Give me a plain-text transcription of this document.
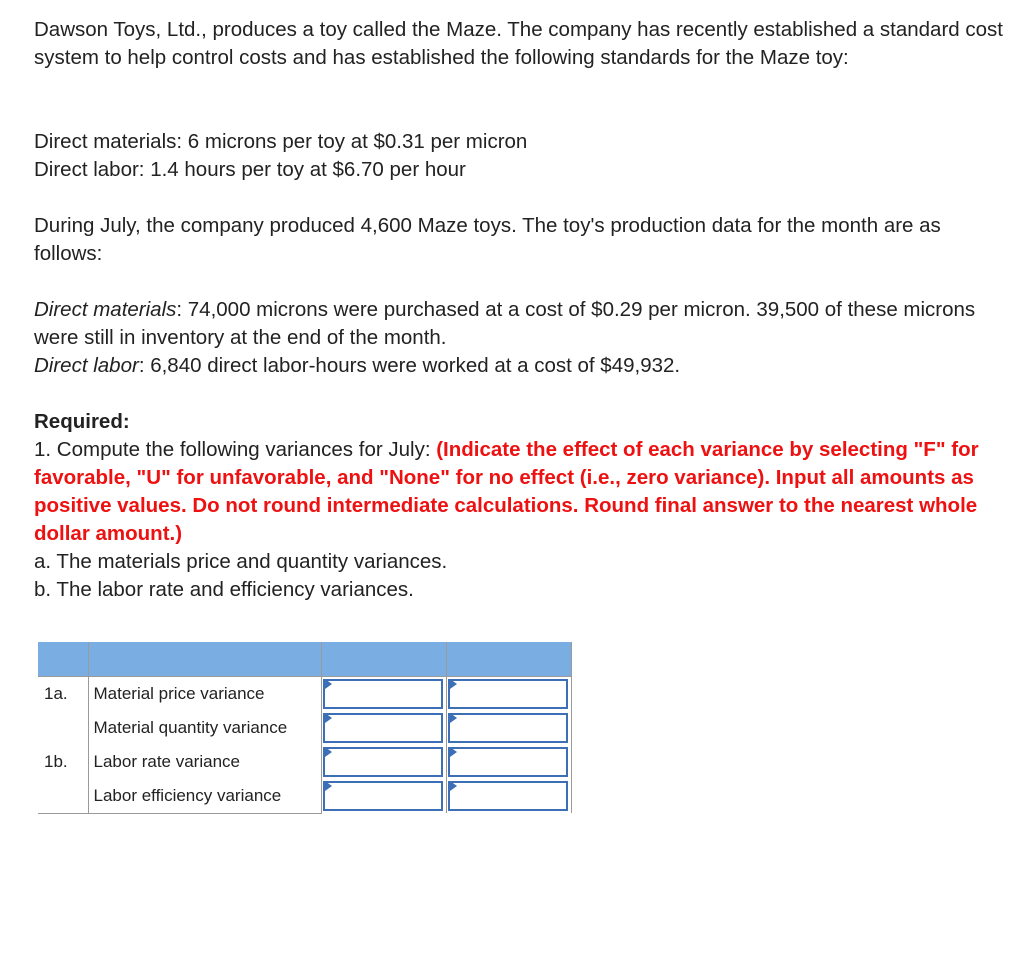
Dawson Toys, Ltd., produces a toy called the Maze. The company has recently established a standard cost system to help control costs and has established the following standards for the Maze toy:

Direct materials: 6 microns per toy at $0.31 per micron

Direct labor: 1.4 hours per toy at $6.70 per hour

During July, the company produced 4,600 Maze toys. The toy's production data for the month are as follows:

Direct materials: 74,000 microns were purchased at a cost of $0.29 per micron. 39,500 of these microns were still in inventory at the end of the month.

Direct labor: 6,840 direct labor-hours were worked at a cost of $49,932.

Required:

1. Compute the following variances for July: (Indicate the effect of each variance by selecting "F" for favorable, "U" for unfavorable, and "None" for no effect (i.e., zero variance). Input all amounts as positive values. Do not round intermediate calculations. Round final answer to the nearest whole dollar amount.)

a. The materials price and quantity variances.

b. The labor rate and efficiency variances.

1a.	Material price variance	

	Material quantity variance	

1b.	Labor rate variance	

	Labor efficiency variance	
